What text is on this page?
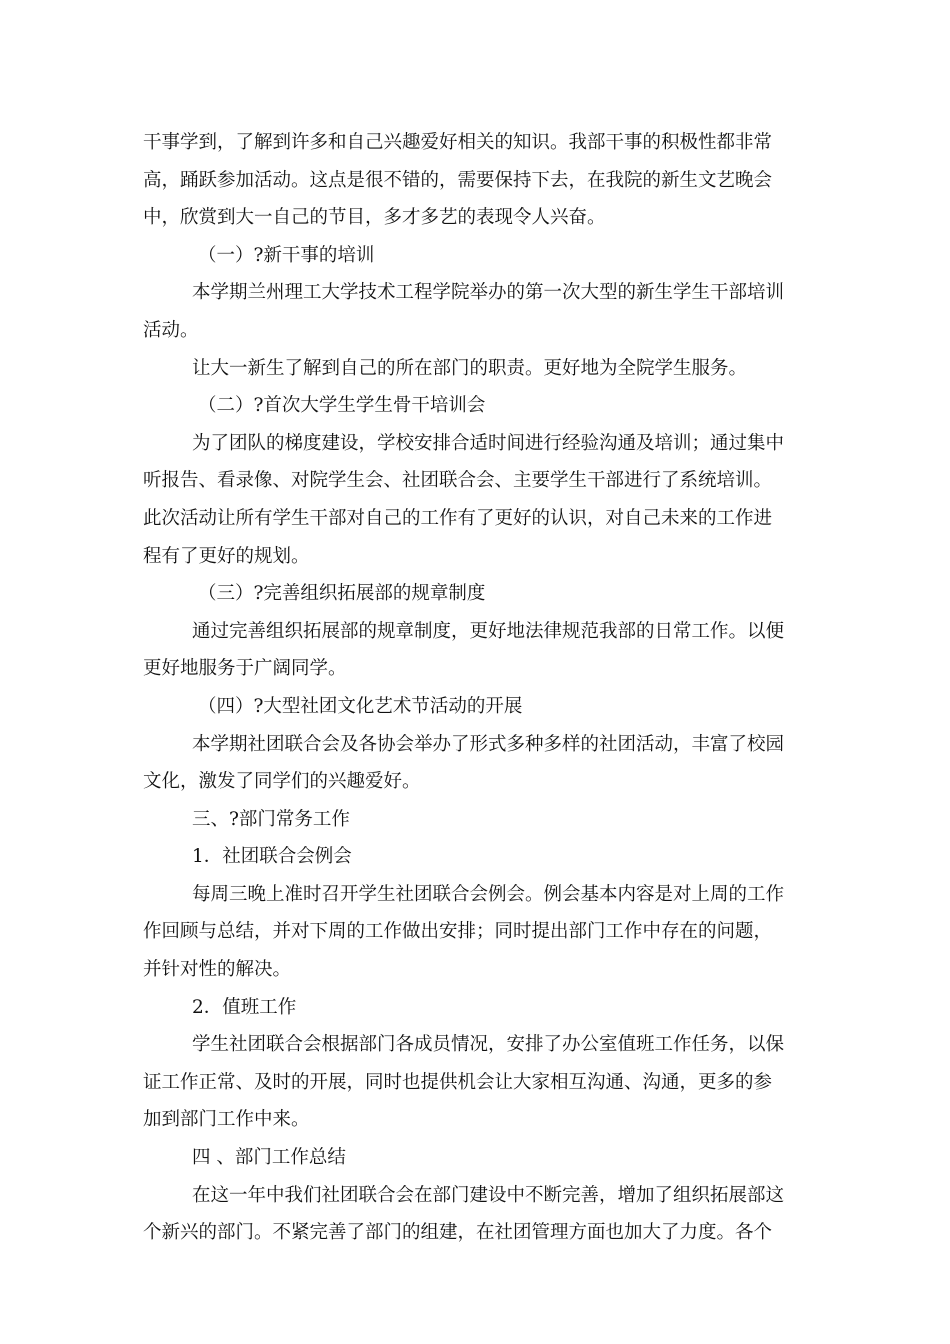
干事学到，了解到许多和自己兴趣爱好相关的知识。我部干事的积极性都非常
高，踊跃参加活动。这点是很不错的，需要保持下去，在我院的新生文艺晚会
中，欣赏到大一自己的节目，多才多艺的表现令人兴奋。
（一）?新干事的培训
本学期兰州理工大学技术工程学院举办的第一次大型的新生学生干部培训
活动。
让大一新生了解到自己的所在部门的职责。更好地为全院学生服务。
（二）?首次大学生学生骨干培训会
为了团队的梯度建设，学校安排合适时间进行经验沟通及培训；通过集中
听报告、看录像、对院学生会、社团联合会、主要学生干部进行了系统培训。
此次活动让所有学生干部对自己的工作有了更好的认识，对自己未来的工作进
程有了更好的规划。
（三）?完善组织拓展部的规章制度
通过完善组织拓展部的规章制度，更好地法律规范我部的日常工作。以便
更好地服务于广阔同学。
（四）?大型社团文化艺术节活动的开展
本学期社团联合会及各协会举办了形式多种多样的社团活动，丰富了校园
文化，激发了同学们的兴趣爱好。
三、?部门常务工作
1．社团联合会例会
每周三晚上准时召开学生社团联合会例会。例会基本内容是对上周的工作
作回顾与总结，并对下周的工作做出安排；同时提出部门工作中存在的问题，
并针对性的解决。
2．值班工作
学生社团联合会根据部门各成员情况，安排了办公室值班工作任务，以保
证工作正常、及时的开展，同时也提供机会让大家相互沟通、沟通，更多的参
加到部门工作中来。
四 、部门工作总结
在这一年中我们社团联合会在部门建设中不断完善，增加了组织拓展部这
个新兴的部门。不紧完善了部门的组建，在社团管理方面也加大了力度。各个
